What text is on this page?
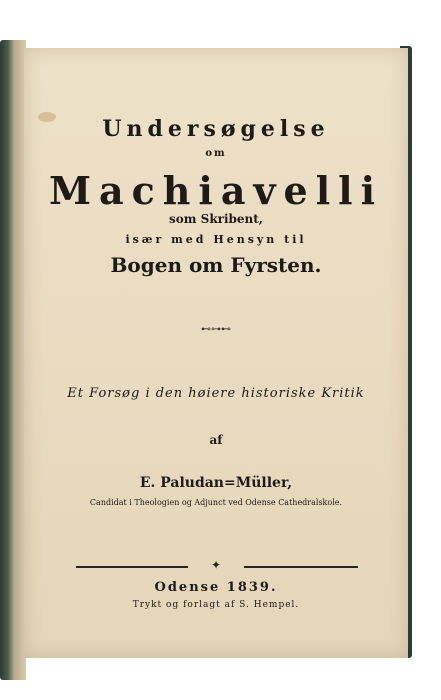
Undersøgelse
om
Machiavelli
som Skribent,
især med Hensyn til
Bogen om Fyrsten.
⊷⊶⊷
Et Forsøg i den høiere historiske Kritik
af
E. Paludan=Müller,
Candidat i Theologien og Adjunct ved Odense Cathedralskole.
✦
Odense 1839.
Trykt og forlagt af S. Hempel.
